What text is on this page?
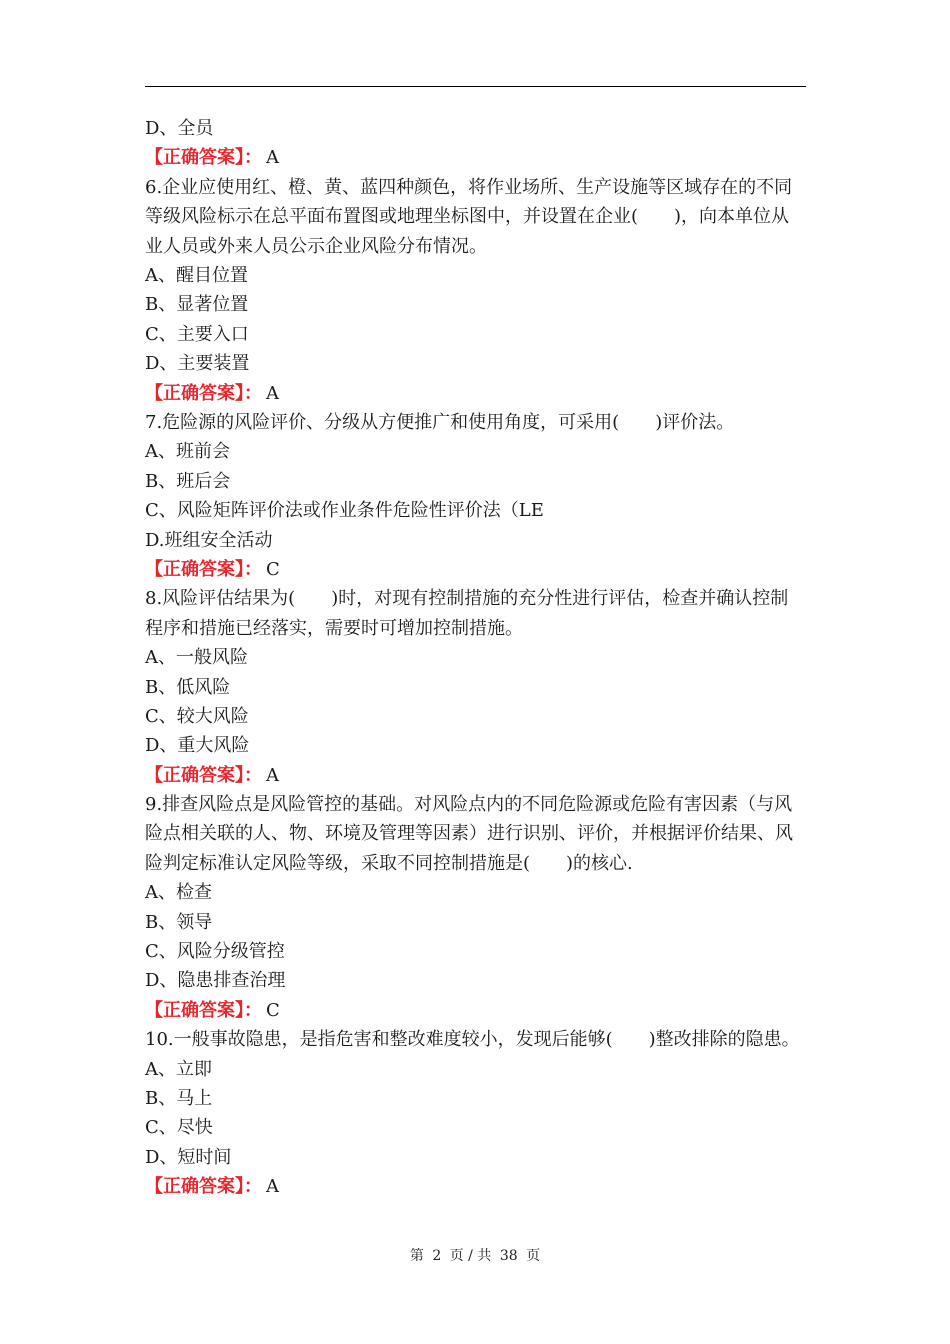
D、全员
【正确答案】： A
6.企业应使用红、橙、黄、蓝四种颜色，将作业场所、生产设施等区域存在的不同等级风险标示在总平面布置图或地理坐标图中，并设置在企业(　　)，向本单位从业人员或外来人员公示企业风险分布情况。
A、醒目位置
B、显著位置
C、主要入口
D、主要装置
【正确答案】： A
7.危险源的风险评价、分级从方便推广和使用角度，可采用(　　)评价法。
A、班前会
B、班后会
C、风险矩阵评价法或作业条件危险性评价法（LE
D.班组安全活动
【正确答案】： C
8.风险评估结果为(　　)时，对现有控制措施的充分性进行评估，检查并确认控制程序和措施已经落实，需要时可增加控制措施。
A、一般风险
B、低风险
C、较大风险
D、重大风险
【正确答案】： A
9.排查风险点是风险管控的基础。对风险点内的不同危险源或危险有害因素（与风险点相关联的人、物、环境及管理等因素）进行识别、评价，并根据评价结果、风险判定标准认定风险等级，采取不同控制措施是(　　)的核心.
A、检查
B、领导
C、风险分级管控
D、隐患排查治理
【正确答案】： C
10.一般事故隐患，是指危害和整改难度较小，发现后能够(　　)整改排除的隐患。
A、立即
B、马上
C、尽快
D、短时间
【正确答案】： A
第 2 页 / 共 38 页
